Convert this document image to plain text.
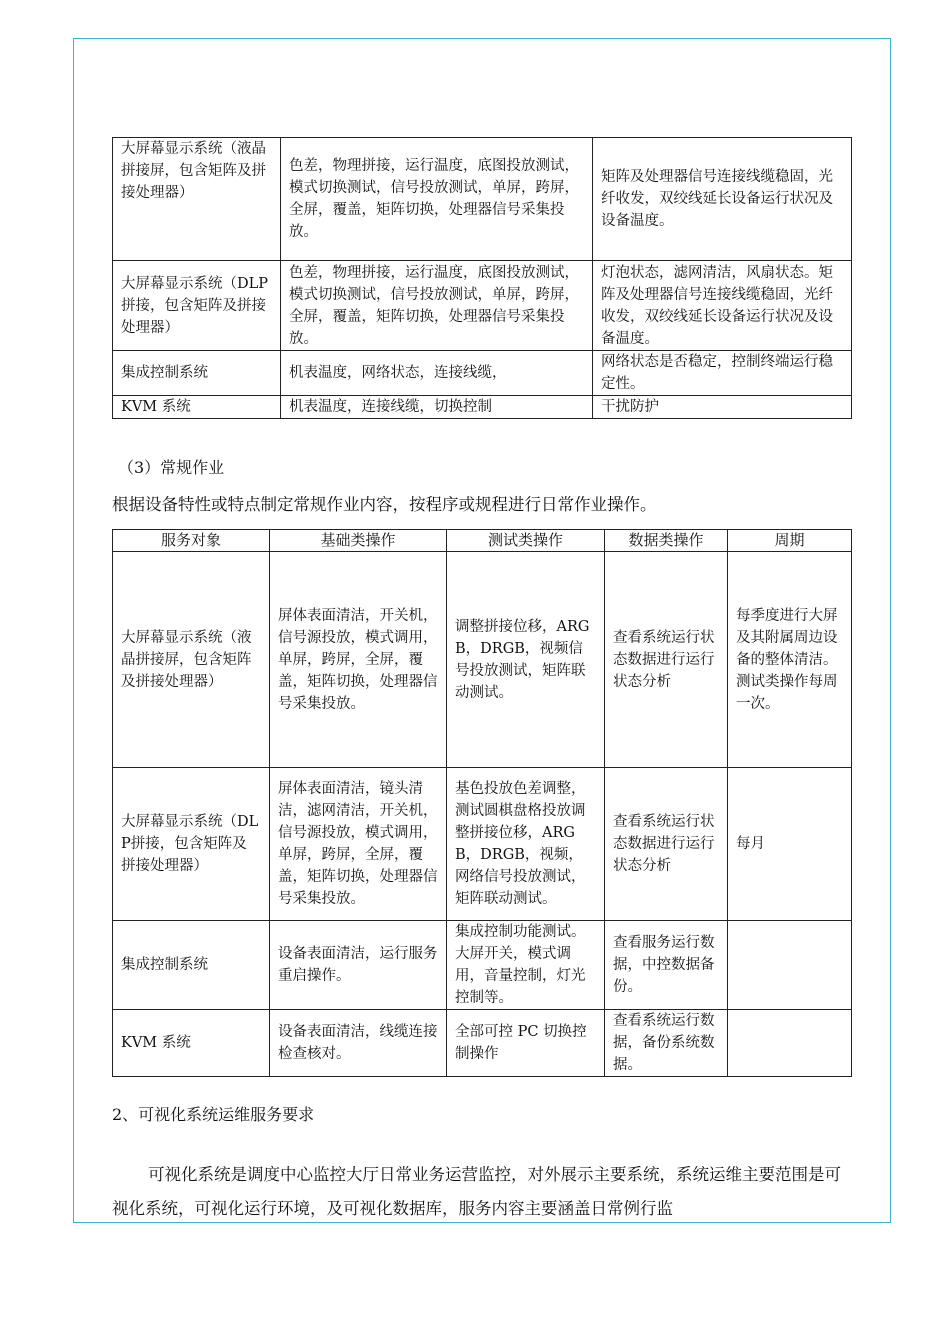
大屏幕显示系统（液晶拼接屏，包含矩阵及拼接处理器）	色差，物理拼接，运行温度，底图投放测试，模式切换测试，信号投放测试，单屏，跨屏，全屏，覆盖，矩阵切换，处理器信号采集投放。	矩阵及处理器信号连接线缆稳固，光纤收发，双绞线延长设备运行状况及设备温度。
大屏幕显示系统（DLP 拼接，包含矩阵及拼接处理器）	色差，物理拼接，运行温度，底图投放测试，模式切换测试，信号投放测试，单屏，跨屏，全屏，覆盖，矩阵切换，处理器信号采集投放。	灯泡状态，滤网清洁，风扇状态。矩阵及处理器信号连接线缆稳固，光纤收发，双绞线延长设备运行状况及设备温度。
集成控制系统	机表温度，网络状态，连接线缆，	网络状态是否稳定，控制终端运行稳定性。
KVM 系统	机表温度，连接线缆，切换控制	干扰防护
（3）常规作业
根据设备特性或特点制定常规作业内容，按程序或规程进行日常作业操作。
服务对象	基础类操作	测试类操作	数据类操作	周期
大屏幕显示系统（液晶拼接屏，包含矩阵及拼接处理器）	屏体表面清洁，开关机，信号源投放，模式调用，单屏，跨屏，全屏，覆盖，矩阵切换，处理器信号采集投放。	调整拼接位移，ARGB，DRGB，视频信号投放测试，矩阵联动测试。	查看系统运行状态数据进行运行状态分析	每季度进行大屏及其附属周边设备的整体清洁。测试类操作每周一次。
大屏幕显示系统（DLP拼接，包含矩阵及拼接处理器）	屏体表面清洁，镜头清洁，滤网清洁，开关机，信号源投放，模式调用，单屏，跨屏，全屏，覆盖，矩阵切换，处理器信号采集投放。	基色投放色差调整，测试圆棋盘格投放调整拼接位移，ARGB，DRGB，视频，网络信号投放测试，矩阵联动测试。	查看系统运行状态数据进行运行状态分析	每月
集成控制系统	设备表面清洁，运行服务重启操作。	集成控制功能测试。大屏开关，模式调用，音量控制，灯光控制等。	查看服务运行数据，中控数据备份。	
KVM 系统	设备表面清洁，线缆连接检查核对。	全部可控 PC 切换控制操作	查看系统运行数据，备份系统数据。	
2、可视化系统运维服务要求
可视化系统是调度中心监控大厅日常业务运营监控，对外展示主要系统，系统运维主要范围是可视化系统，可视化运行环境，及可视化数据库，服务内容主要涵盖日常例行监
